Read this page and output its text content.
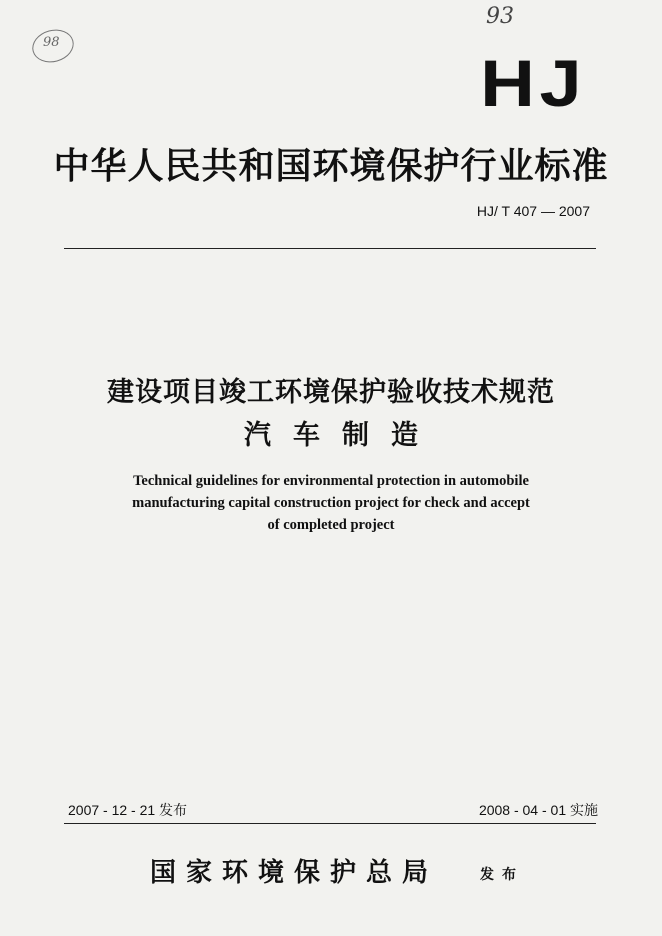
93
98
HJ
中华人民共和国环境保护行业标准
HJ/ T 407 — 2007
建设项目竣工环境保护验收技术规范
汽车制造
Technical guidelines for environmental protection in automobile
manufacturing capital construction project for check and accept
of completed project
2007 - 12 - 21 发布	2008 - 04 - 01 实施
国家环境保护总局	发布
